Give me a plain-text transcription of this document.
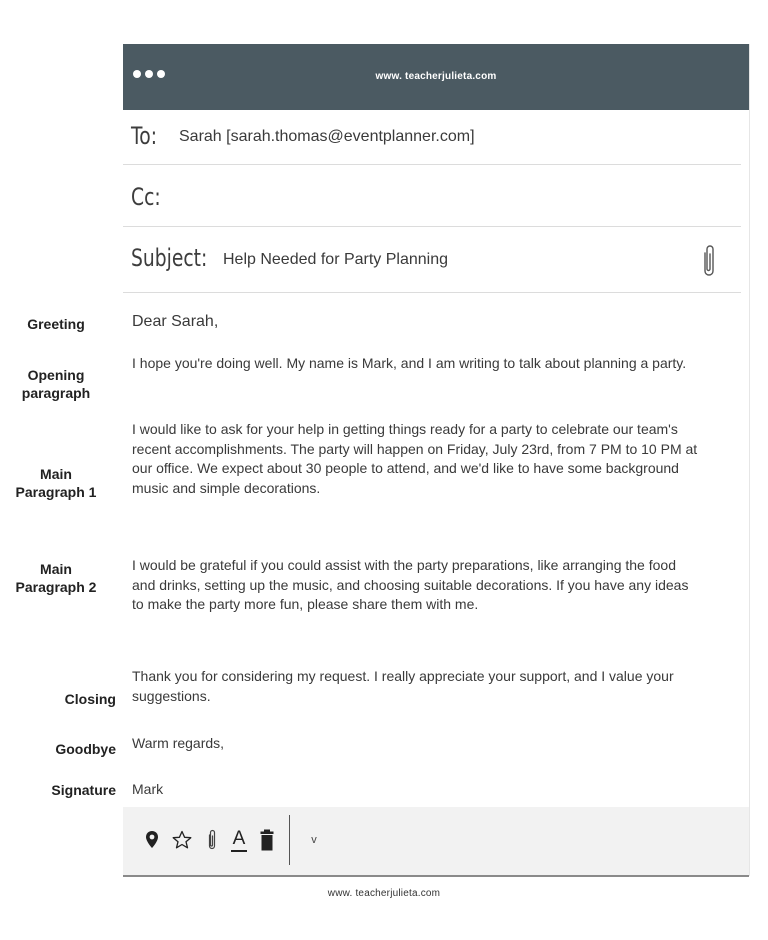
Greeting
Opening
paragraph
Main
Paragraph 1
Main
Paragraph 2
Closing
Goodbye
Signature
www. teacherjulieta.com
To: Sarah [sarah.thomas@eventplanner.com]
Cc:
Subject: Help Needed for Party Planning
Dear Sarah,
I hope you're doing well. My name is Mark, and I am writing to talk about planning a party.
I would like to ask for your help in getting things ready for a party to celebrate our team's recent accomplishments. The party will happen on Friday, July 23rd, from 7 PM to 10 PM at our office. We expect about 30 people to attend, and we'd like to have some background music and simple decorations.
I would be grateful if you could assist with the party preparations, like arranging the food and drinks, setting up the music, and choosing suitable decorations. If you have any ideas to make the party more fun, please share them with me.
Thank you for considering my request. I really appreciate your support, and I value your suggestions.
Warm regards,
Mark
A	v
www. teacherjulieta.com
